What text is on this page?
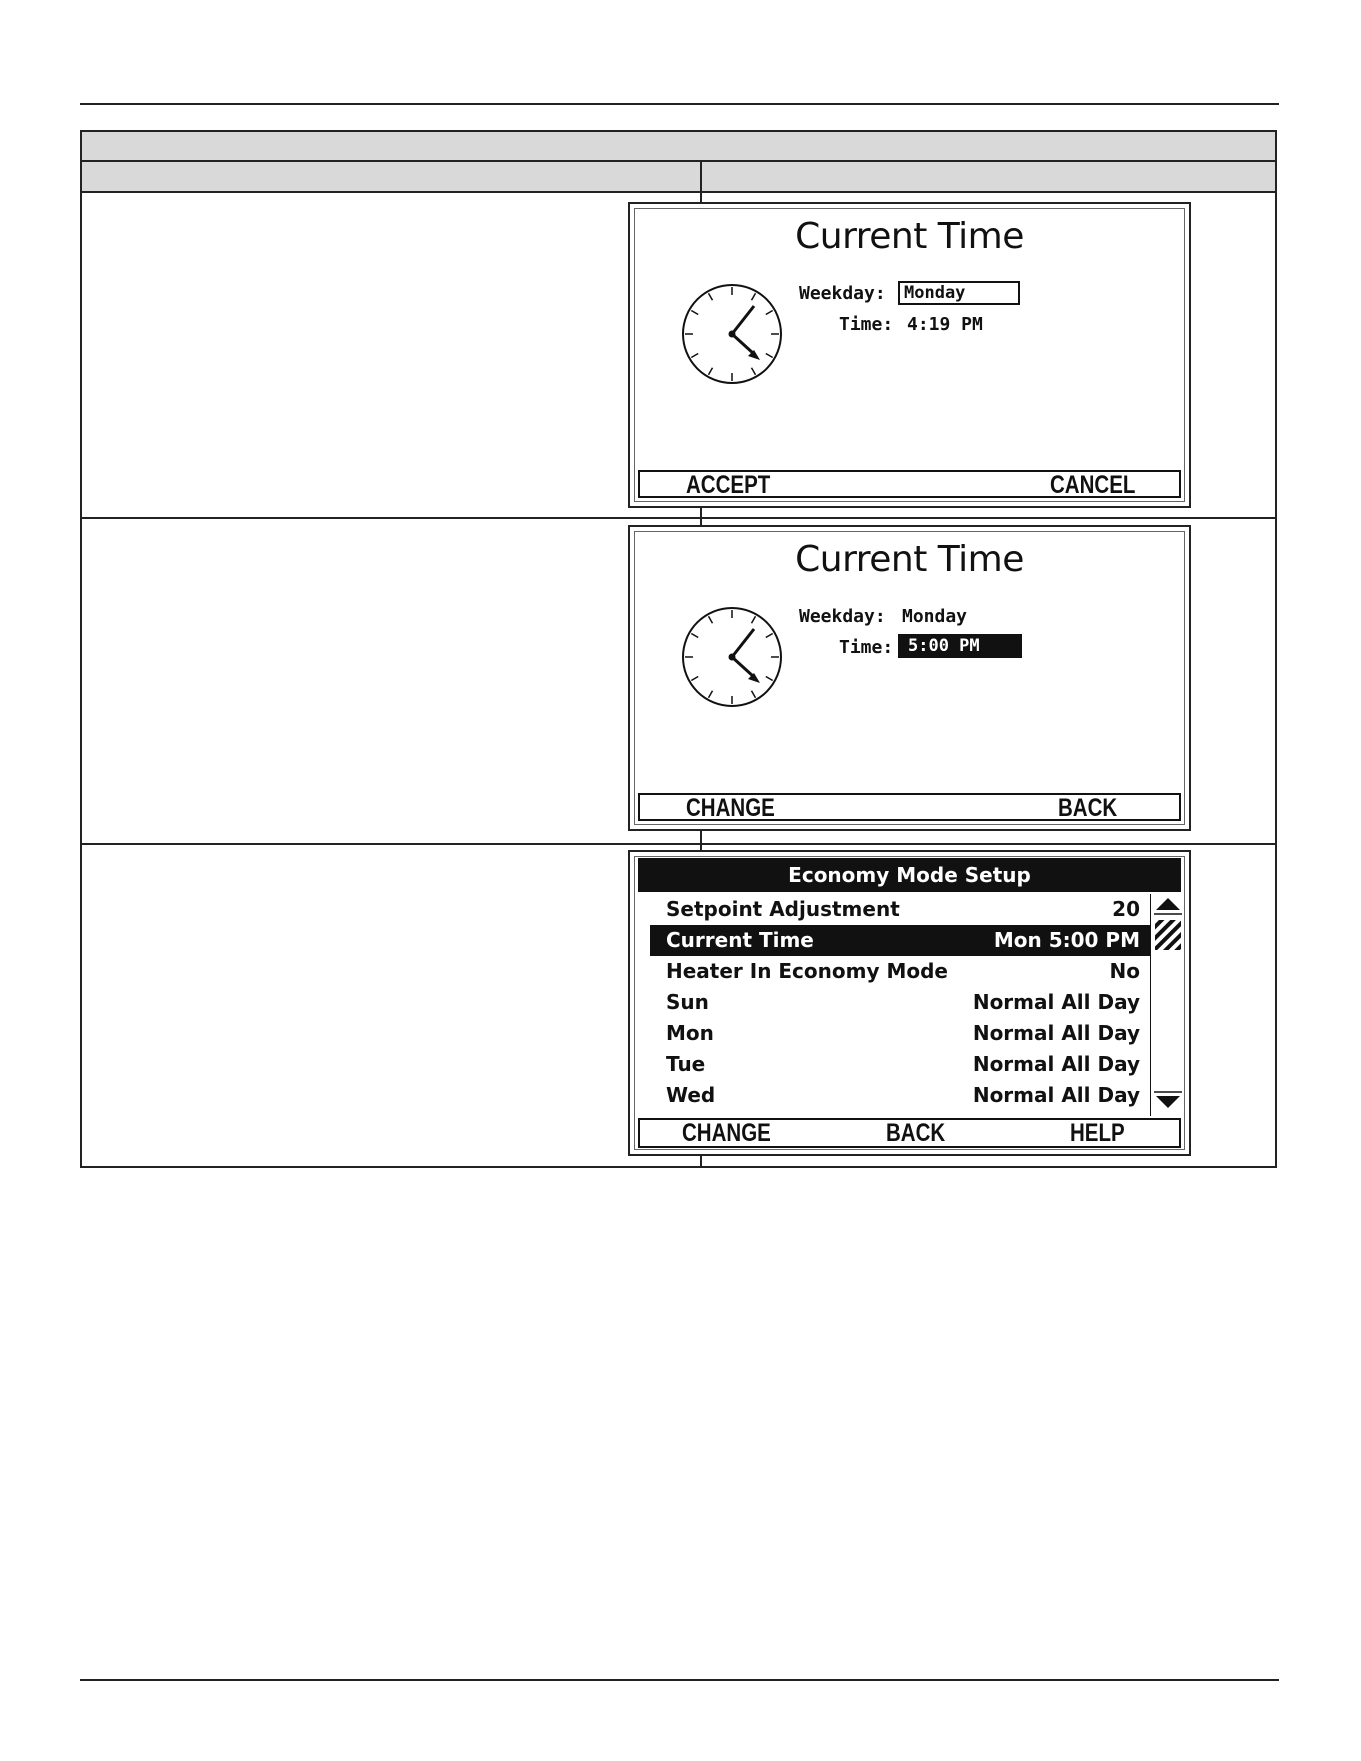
Current Time
Weekday:	Monday
Time: 4:19 PM
ACCEPT	CANCEL
Current Time
Weekday: Monday
Time: 5:00 PM
CHANGE	BACK
Economy Mode Setup
Setpoint Adjustment	20
Current Time	Mon 5:00 PM
Heater In Economy Mode	No
Sun	Normal All Day
Mon	Normal All Day
Tue	Normal All Day
Wed	Normal All Day
CHANGE	BACK	HELP
